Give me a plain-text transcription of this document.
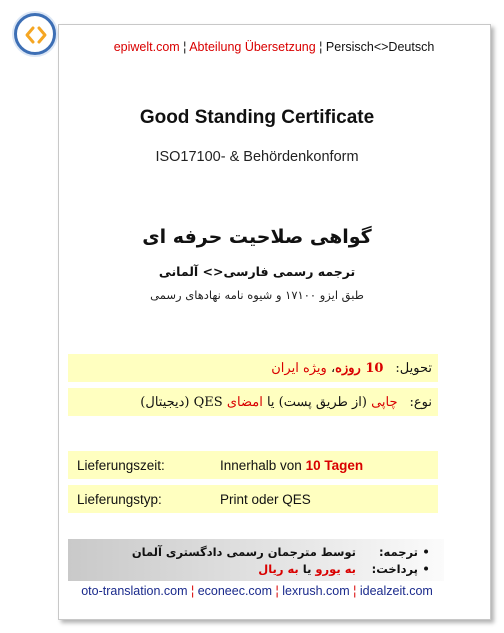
epiwelt.com ¦ Abteilung Übersetzung ¦ Persisch<>Deutsch
Good Standing Certificate
ISO17100- & Behördenkonform
گواهی صلاحیت حرفه ای
ترجمه رسمی فارسی<> آلمانی
طبق ایزو ۱۷۱۰۰ و شیوه نامه نهادهای رسمی
تحویل:
10 روزه، ویژه ایران
نوع:
چاپی (از طریق پست) یا امضای QES (دیجیتال)
Lieferungszeit:	Innerhalb von 10 Tagen
Lieferungstyp:	Print oder QES
•
ترجمه:
توسط مترجمان رسمی دادگستری آلمان
•
پرداخت:
به یورو یا به ریال
oto-translation.com ¦ econeec.com ¦ lexrush.com ¦ idealzeit.com
